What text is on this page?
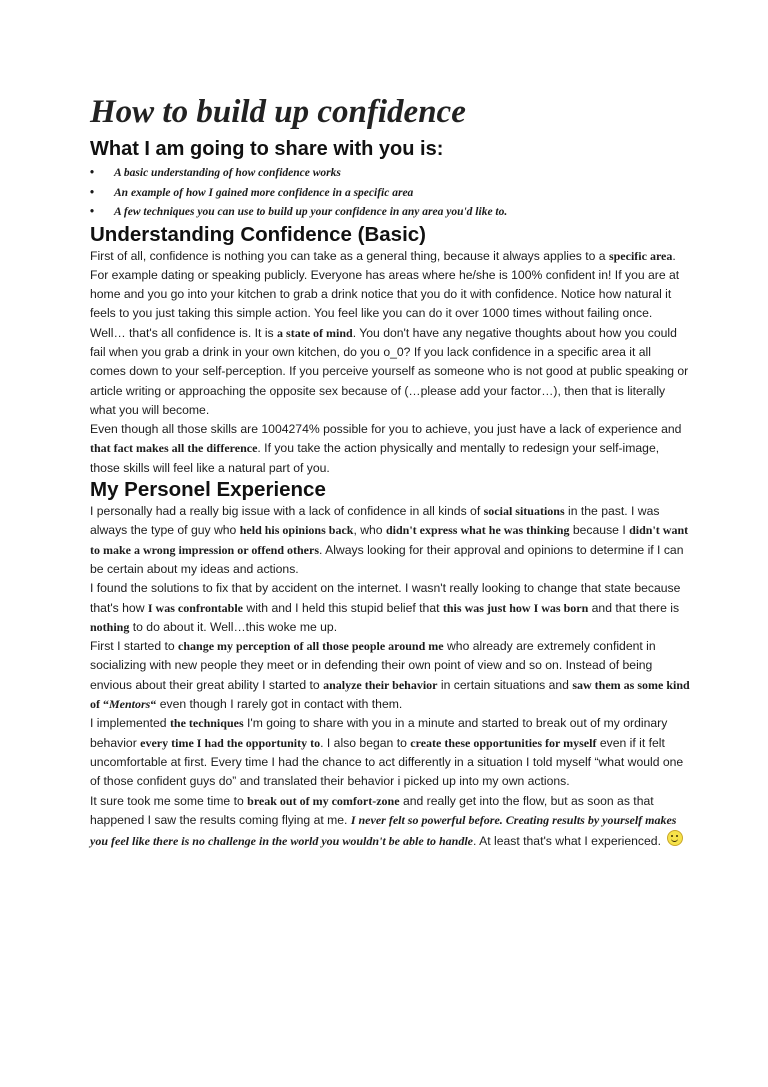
How to build up confidence
What I am going to share with you is:
• A basic understanding of how confidence works
• An example of how I gained more confidence in a specific area
• A few techniques you can use to build up your confidence in any area you'd like to.
Understanding Confidence (Basic)

First of all, confidence is nothing you can take as a general thing, because it always applies to a specific area. For example dating or speaking publicly. Everyone has areas where he/she is 100% confident in! If you are at home and you go into your kitchen to grab a drink notice that you do it with confidence. Notice how natural it feels to you just taking this simple action. You feel like you can do it over 1000 times without failing once.

Well… that's all confidence is. It is a state of mind. You don't have any negative thoughts about how you could fail when you grab a drink in your own kitchen, do you o_0? If you lack confidence in a specific area it all comes down to your self-perception. If you perceive yourself as someone who is not good at public speaking or article writing or approaching the opposite sex because of (…please add your factor…), then that is literally what you will become.

Even though all those skills are 1004274% possible for you to achieve, you just have a lack of experience and that fact makes all the difference. If you take the action physically and mentally to redesign your self-image, those skills will feel like a natural part of you.

My Personel Experience

I personally had a really big issue with a lack of confidence in all kinds of social situations in the past. I was always the type of guy who held his opinions back, who didn't express what he was thinking because I didn't want to make a wrong impression or offend others. Always looking for their approval and opinions to determine if I can be certain about my ideas and actions.

I found the solutions to fix that by accident on the internet. I wasn't really looking to change that state because that's how I was confrontable with and I held this stupid belief that this was just how I was born and that there is nothing to do about it. Well…this woke me up.

First I started to change my perception of all those people around me who already are extremely confident in socializing with new people they meet or in defending their own point of view and so on. Instead of being envious about their great ability I started to analyze their behavior in certain situations and saw them as some kind of “Mentors“ even though I rarely got in contact with them.

I implemented the techniques I'm going to share with you in a minute and started to break out of my ordinary behavior every time I had the opportunity to. I also began to create these opportunities for myself even if it felt uncomfortable at first. Every time I had the chance to act differently in a situation I told myself “what would one of those confident guys do” and translated their behavior i picked up into my own actions.

It sure took me some time to break out of my comfort-zone and really get into the flow, but as soon as that happened I saw the results coming flying at me. I never felt so powerful before. Creating results by yourself makes you feel like there is no challenge in the world you wouldn't be able to handle. At least that's what I experienced.
